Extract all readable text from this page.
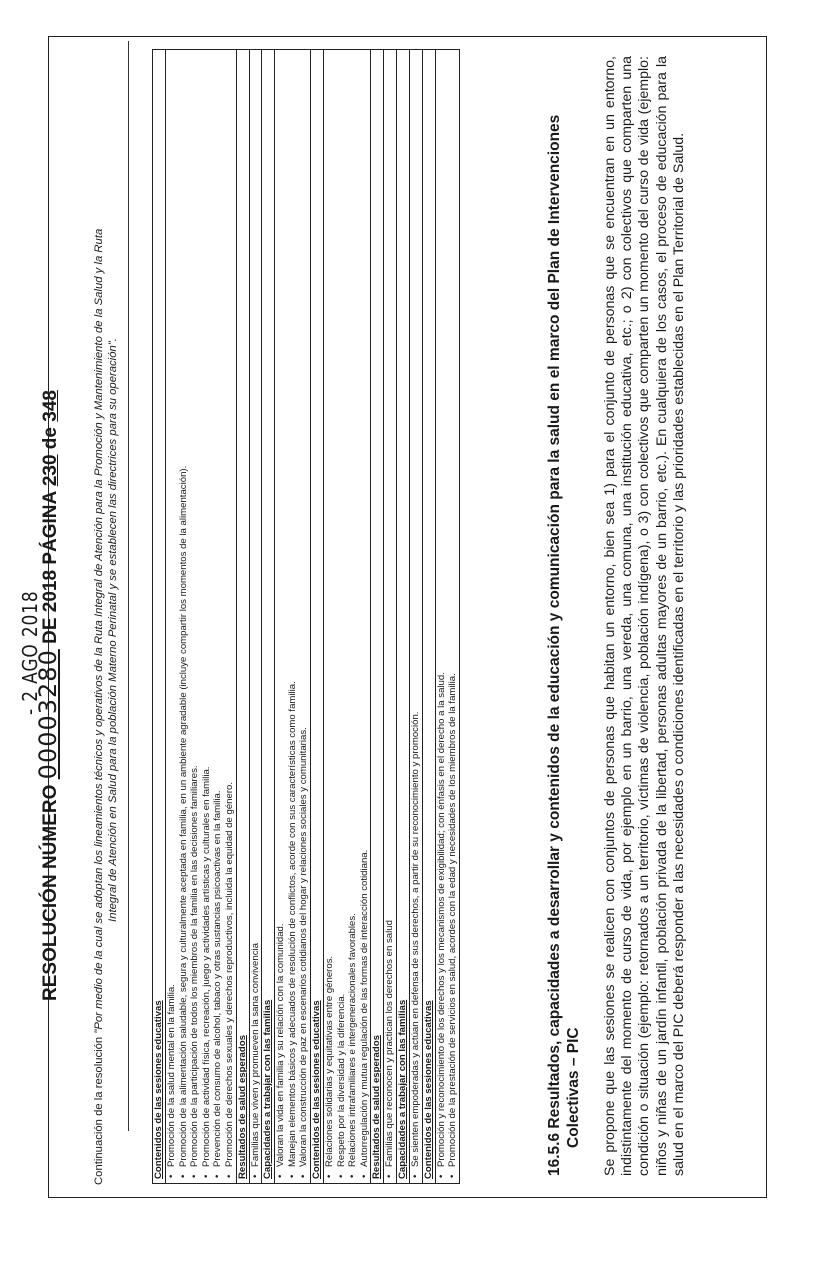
- 2 AGO 2018
RESOLUCIÓN NÚMERO 00003280 DE 2018 PÁGINA 230 de 348
Continuación de la resolución "Por medio de la cual se adoptan los lineamientos técnicos y operativos de la Ruta Integral de Atención para la Promoción y Mantenimiento de la Salud y la Ruta Integral de Atención en Salud para la población Materno Perinatal y se establecen las directrices para su operación".
Contenidos de las sesiones educativas • Promoción de la salud mental en la familia. • Promoción de la alimentación saludable, segura y culturalmente aceptada en familia, en un ambiente agradable (incluye compartir los momentos de la alimentación). • Promoción de la participación de todos los miembros de la familia en las decisiones familiares. • Promoción de actividad física, recreación, juego y actividades artísticas y culturales en familia. • Prevención del consumo de alcohol, tabaco y otras sustancias psicoactivas en la familia. • Promoción de derechos sexuales y derechos reproductivos, incluida la equidad de género. Resultados de salud esperados • Familias que viven y promueven la sana convivencia Capacidades a trabajar con las familias • Valoran la vida en familia y su relación con la comunidad. • Manejan elementos básicos y adecuados de resolución de conflictos, acorde con sus características como familia. • Valoran la construcción de paz en escenarios cotidianos del hogar y relaciones sociales y comunitarias. Contenidos de las sesiones educativas • Relaciones solidarias y equitativas entre géneros. • Respeto por la diversidad y la diferencia. • Relaciones intrafamiliares e intergeneracionales favorables. • Autorregulación y mutua regulación de las formas de interacción cotidiana. Resultados de salud esperados • Familias que reconocen y practican los derechos en salud Capacidades a trabajar con las familias • Se sienten empoderadas y actúan en defensa de sus derechos, a partir de su reconocimiento y promoción. Contenidos de las sesiones educativas • Promoción y reconocimiento de los derechos y los mecanismos de exigibilidad; con énfasis en el derecho a la salud. • Promoción de la prestación de servicios en salud, acordes con la edad y necesidades de los miembros de la familia.	16.5.6 Resultados, capacidades a desarrollar y contenidos de la educación y comunicación para la salud en el marco del Plan de Intervenciones Colectivas – PIC Se propone que las sesiones se realicen con conjuntos de personas que habitan un entorno, bien sea 1) para el conjunto de personas que se encuentran en un entorno, indistintamente del momento de curso de vida, por ejemplo en un barrio, una vereda, una comuna, una institución educativa, etc.; o 2) con colectivos que comparten una condición o situación (ejemplo: retornados a un territorio, víctimas de violencia, población indígena), o 3) con colectivos que comparten un momento del curso de vida (ejemplo: niños y niñas de un jardín infantil, población privada de la libertad, personas adultas mayores de un barrio, etc.). En cualquiera de los casos, el proceso de educación para la salud en el marco del PIC deberá responder a las necesidades o condiciones identificadas en el territorio y las prioridades establecidas en el Plan Territorial de Salud.
